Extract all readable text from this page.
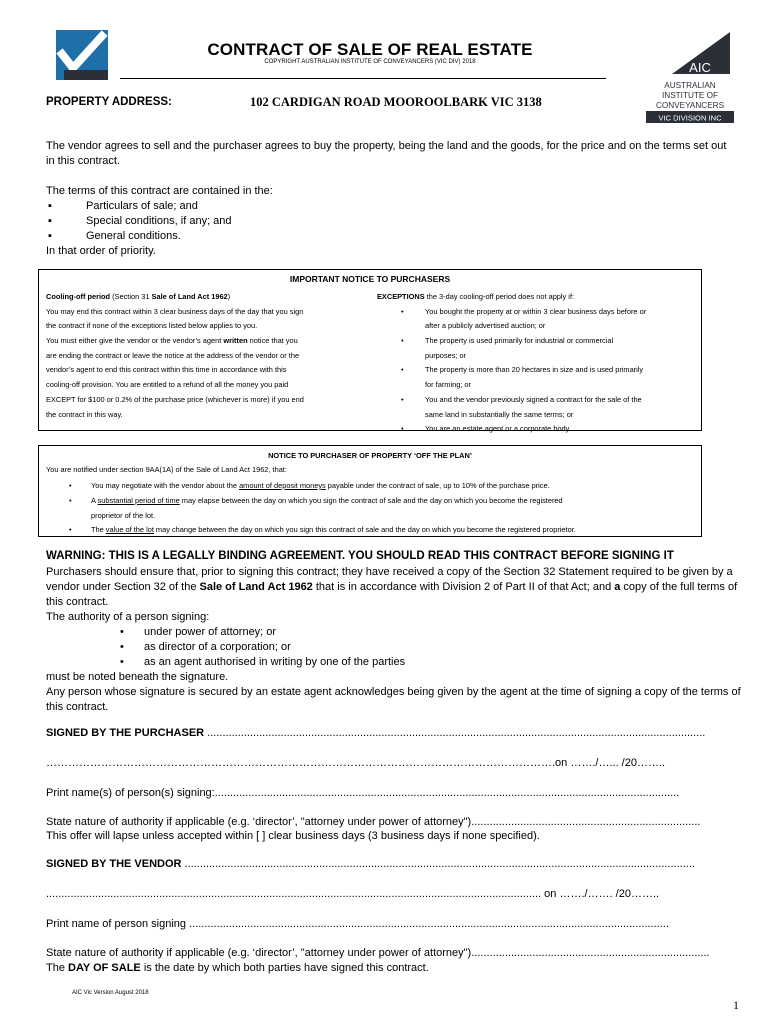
CONTRACT OF SALE OF REAL ESTATE
COPYRIGHT AUSTRALIAN INSTITUTE OF CONVEYANCERS (VIC DIV) 2018	AIC
AUSTRALIAN
INSTITUTE OF
CONVEYANCERS
VIC DIVISION INC
PROPERTY ADDRESS:	102 CARDIGAN ROAD MOOROOLBARK VIC 3138
The vendor agrees to sell and the purchaser agrees to buy the property, being the land and the goods, for the price and on the terms set out in this contract.
The terms of this contract are contained in the:
▪ Particulars of sale; and
▪ Special conditions, if any; and
▪ General conditions.
In that order of priority.
IMPORTANT NOTICE TO PURCHASERS
Cooling-off period (Section 31 Sale of Land Act 1962)
You may end this contract within 3 clear business days of the day that you sign
the contract if none of the exceptions listed below applies to you.
You must either give the vendor or the vendor’s agent written notice that you
are ending the contract or leave the notice at the address of the vendor or the
vendor’s agent to end this contract within this time in accordance with this
cooling-off provision. You are entitled to a refund of all the money you paid
EXCEPT for $100 or 0.2% of the purchase price (whichever is more) if you end
the contract in this way.
EXCEPTIONS the 3-day cooling-off period does not apply if:
• You bought the property at or within 3 clear business days before or
after a publicly advertised auction; or
• The property is used primarily for industrial or commercial
purposes; or
• The property is more than 20 hectares in size and is used primarily
for farming; or
• You and the vendor previously signed a contract for the sale of the
same land in substantially the same terms; or
• You are an estate agent or a corporate body
NOTICE TO PURCHASER OF PROPERTY ‘OFF THE PLAN’
You are notified under section 9AA(1A) of the Sale of Land Act 1962, that:
• You may negotiate with the vendor about the amount of deposit moneys payable under the contract of sale, up to 10% of the purchase price.
• A substantial period of time may elapse between the day on which you sign the contract of sale and the day on which you become the registered
proprietor of the lot.
• The value of the lot may change between the day on which you sign this contract of sale and the day on which you become the registered proprietor.
WARNING: THIS IS A LEGALLY BINDING AGREEMENT. YOU SHOULD READ THIS CONTRACT BEFORE SIGNING IT
Purchasers should ensure that, prior to signing this contract; they have received a copy of the Section 32 Statement required to be given by a vendor under Section 32 of the Sale of Land Act 1962 that is in accordance with Division 2 of Part II of that Act; and a copy of the full terms of this contract.
The authority of a person signing:
• under power of attorney; or
• as director of a corporation; or
• as an agent authorised in writing by one of the parties
must be noted beneath the signature.
Any person whose signature is secured by an estate agent acknowledges being given by the agent at the time of signing a copy of the terms of this contract.
SIGNED BY THE PURCHASER ...................................................................................................................................................................
………………………………………………………………………………………………………………………….on ……./…... /20……..
Print name(s) of person(s) signing:........................................................................................................................................................
State nature of authority if applicable (e.g. ‘director’, "attorney under power of attorney")...........................................................................
This offer will lapse unless accepted within [ ] clear business days (3 business days if none specified).
SIGNED BY THE VENDOR .......................................................................................................................................................................
.................................................................................................................................................................. on ……./……. /20……..
Print name of person signing .............................................................................................................................................................
State nature of authority if applicable (e.g. ‘director’, "attorney under power of attorney")..............................................................................
The DAY OF SALE is the date by which both parties have signed this contract.
AIC Vic Version August 2018
1
